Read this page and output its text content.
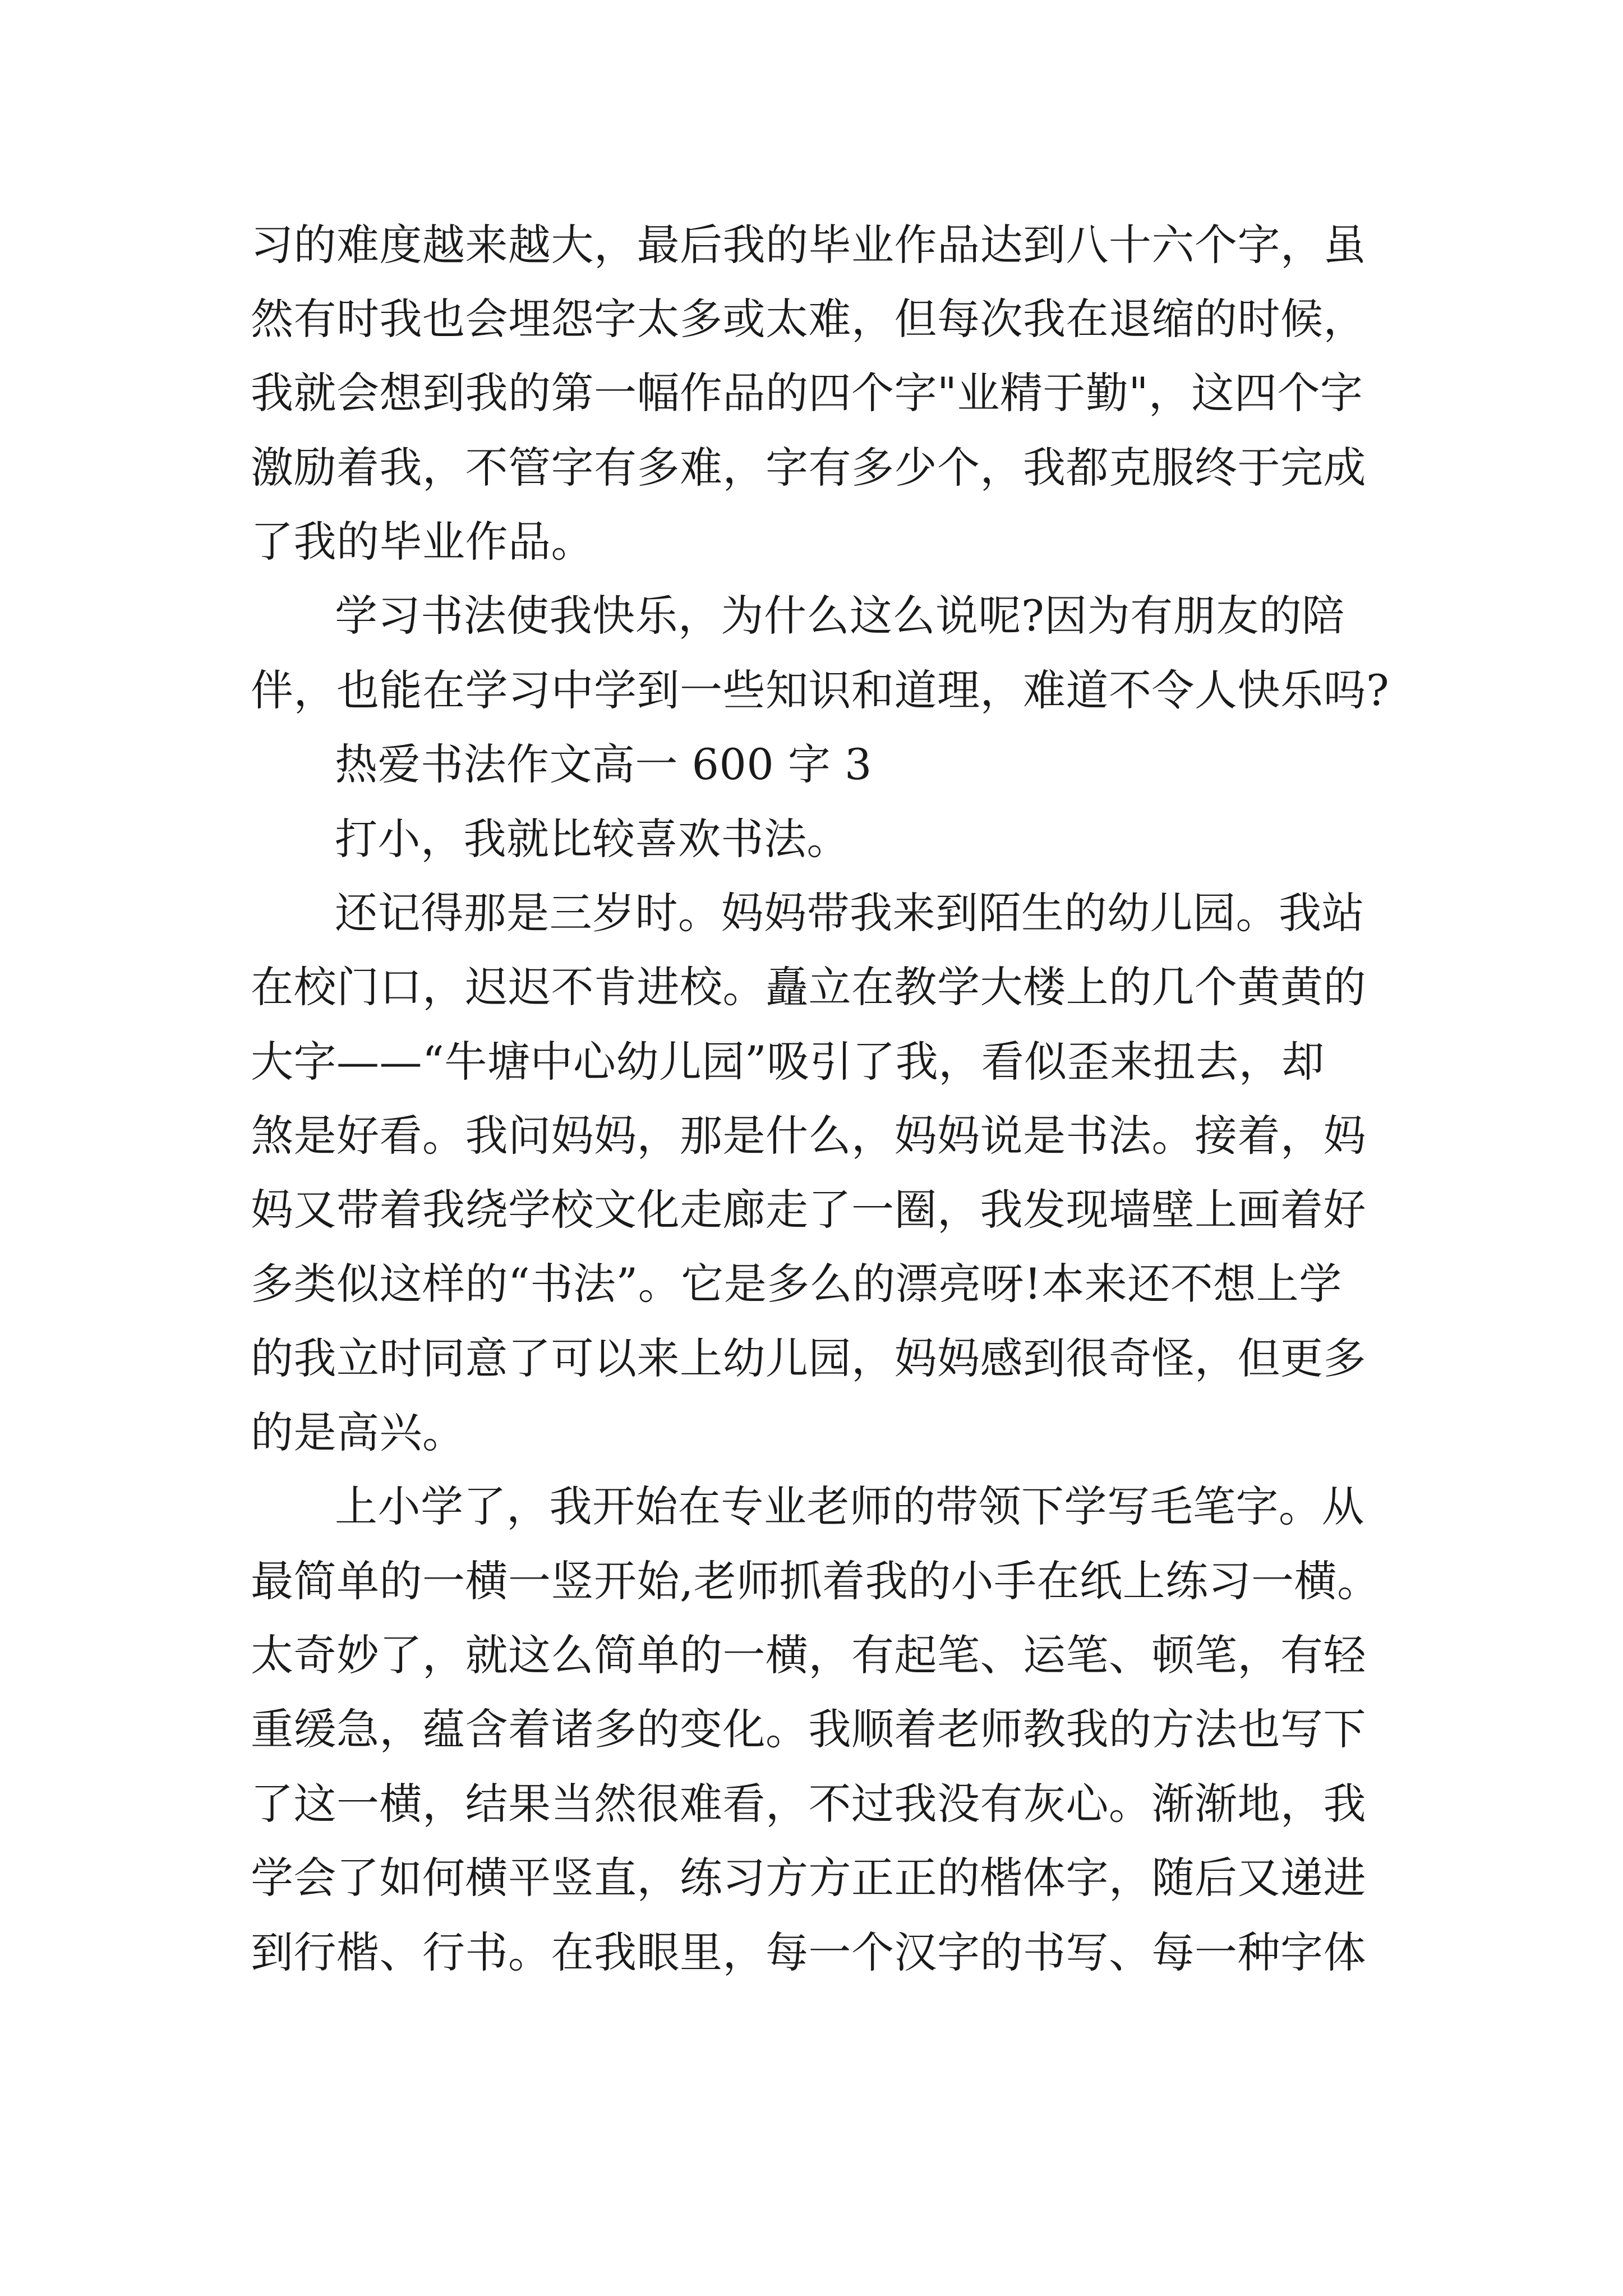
习的难度越来越大，最后我的毕业作品达到八十六个字，虽
然有时我也会埋怨字太多或太难，但每次我在退缩的时候，
我就会想到我的第一幅作品的四个字"业精于勤"，这四个字
激励着我，不管字有多难，字有多少个，我都克服终于完成
了我的毕业作品。
学习书法使我快乐，为什么这么说呢?因为有朋友的陪
伴，也能在学习中学到一些知识和道理，难道不令人快乐吗?
热爱书法作文高一 600 字 3
打小，我就比较喜欢书法。
还记得那是三岁时。妈妈带我来到陌生的幼儿园。我站
在校门口，迟迟不肯进校。矗立在教学大楼上的几个黄黄的
大字——“牛塘中心幼儿园”吸引了我，看似歪来扭去，却
煞是好看。我问妈妈，那是什么，妈妈说是书法。接着，妈
妈又带着我绕学校文化走廊走了一圈，我发现墙壁上画着好
多类似这样的“书法”。它是多么的漂亮呀!本来还不想上学
的我立时同意了可以来上幼儿园，妈妈感到很奇怪，但更多
的是高兴。
上小学了，我开始在专业老师的带领下学写毛笔字。从
最简单的一横一竖开始,老师抓着我的小手在纸上练习一横。
太奇妙了，就这么简单的一横，有起笔、运笔、顿笔，有轻
重缓急，蕴含着诸多的变化。我顺着老师教我的方法也写下
了这一横，结果当然很难看，不过我没有灰心。渐渐地，我
学会了如何横平竖直，练习方方正正的楷体字，随后又递进
到行楷、行书。在我眼里，每一个汉字的书写、每一种字体
